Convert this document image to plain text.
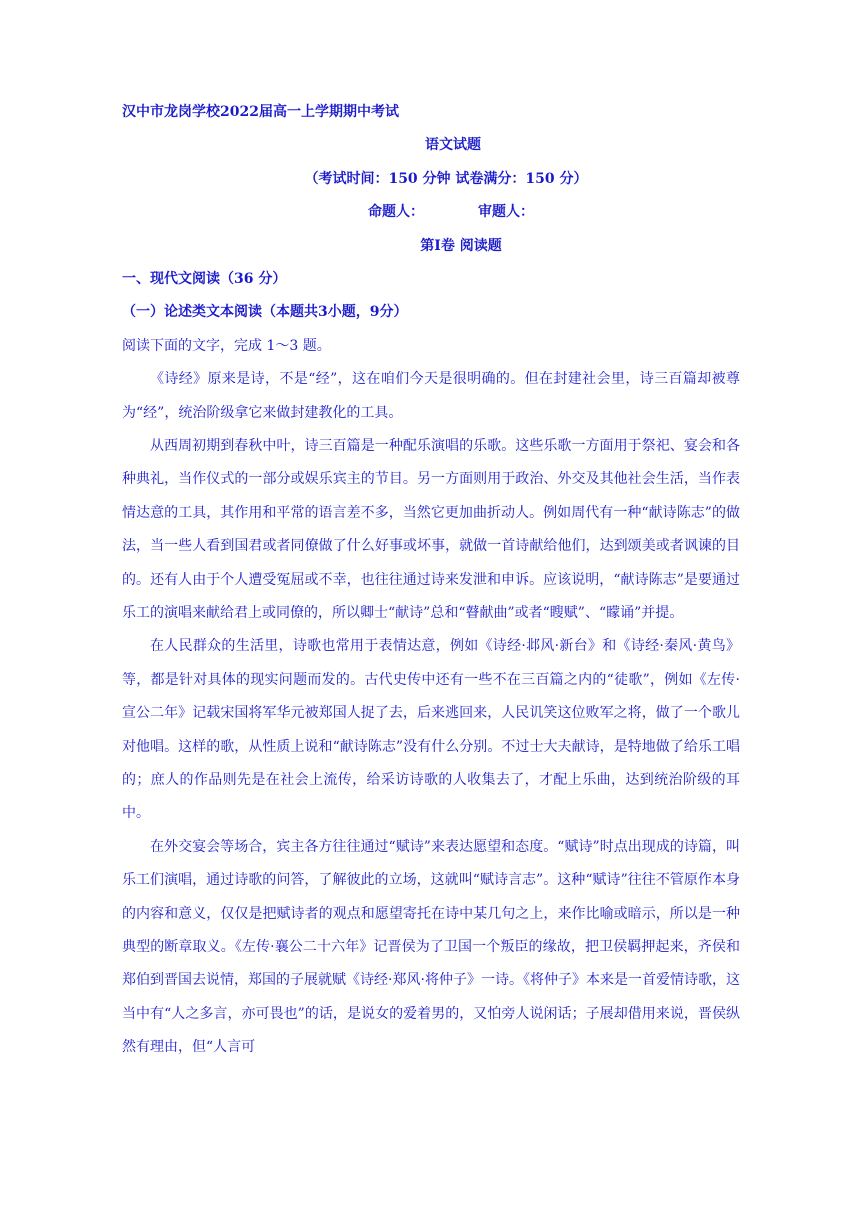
汉中市龙岗学校2022届高一上学期期中考试
语文试题
（考试时间：150 分钟 试卷满分：150 分）
命题人：	审题人：
第Ⅰ卷 阅读题
一、现代文阅读（36 分）
（一）论述类文本阅读（本题共3小题，9分）
阅读下面的文字，完成 1～3 题。

《诗经》原来是诗，不是“经”，这在咱们今天是很明确的。但在封建社会里，诗三百篇却被尊为“经”，统治阶级拿它来做封建教化的工具。

从西周初期到春秋中叶，诗三百篇是一种配乐演唱的乐歌。这些乐歌一方面用于祭祀、宴会和各种典礼，当作仪式的一部分或娱乐宾主的节目。另一方面则用于政治、外交及其他社会生活，当作表情达意的工具，其作用和平常的语言差不多，当然它更加曲折动人。例如周代有一种“献诗陈志”的做法，当一些人看到国君或者同僚做了什么好事或坏事，就做一首诗献给他们，达到颂美或者讽谏的目的。还有人由于个人遭受冤屈或不幸，也往往通过诗来发泄和申诉。应该说明，“献诗陈志”是要通过乐工的演唱来献给君上或同僚的，所以卿士“献诗”总和“瞽献曲”或者“瞍赋”、“矇诵”并提。

在人民群众的生活里，诗歌也常用于表情达意，例如《诗经·邶风·新台》和《诗经·秦风·黄鸟》等，都是针对具体的现实问题而发的。古代史传中还有一些不在三百篇之内的“徒歌”，例如《左传·宣公二年》记载宋国将军华元被郑国人捉了去，后来逃回来，人民讥笑这位败军之将，做了一个歌儿对他唱。这样的歌，从性质上说和“献诗陈志”没有什么分别。不过士大夫献诗，是特地做了给乐工唱的；庶人的作品则先是在社会上流传，给采访诗歌的人收集去了，才配上乐曲，达到统治阶级的耳中。

在外交宴会等场合，宾主各方往往通过“赋诗”来表达愿望和态度。“赋诗”时点出现成的诗篇，叫乐工们演唱，通过诗歌的问答，了解彼此的立场，这就叫“赋诗言志”。这种“赋诗”往往不管原作本身的内容和意义，仅仅是把赋诗者的观点和愿望寄托在诗中某几句之上，来作比喻或暗示，所以是一种典型的断章取义。《左传·襄公二十六年》记晋侯为了卫国一个叛臣的缘故，把卫侯羁押起来，齐侯和郑伯到晋国去说情，郑国的子展就赋《诗经·郑风·将仲子》一诗。《将仲子》本来是一首爱情诗歌，这当中有“人之多言，亦可畏也”的话，是说女的爱着男的，又怕旁人说闲话；子展却借用来说，晋侯纵然有理由，但“人言可
